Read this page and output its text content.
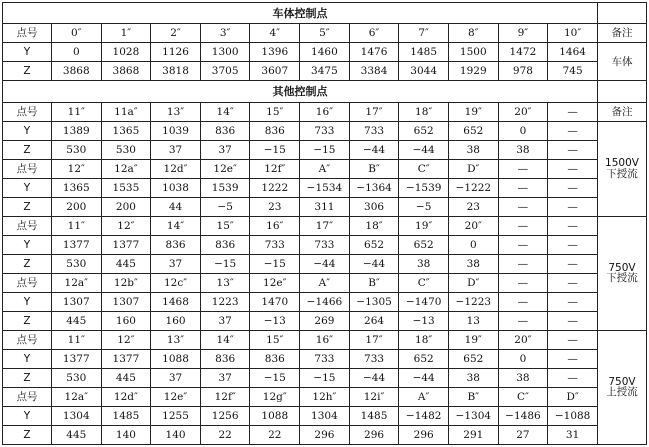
车体控制点												
点号	0″	1″	2″	3″	4″	5″	6″	7″	8″	9″	10″	备注
Y	0	1028	1126	1300	1396	1460	1476	1485	1500	1472	1464	车体
Z	3868	3868	3818	3705	3607	3475	3384	3044	1929	978	745	
其他控制点												
点号	11″	11a″	13″	14″	15″	16″	17″	18″	19″	20″	—	备注
Y	1389	1365	1039	836	836	733	733	652	652	0	—	1500V
下授流

Z	530	530	37	37	−15	−15	−44	−44	38	38	—	
点号	12″	12a″	12d″	12e″	12f″	A″	B″	C″	D″	—	—	
Y	1365	1535	1038	1539	1222	−1534	−1364	−1539	−1222	—	—	
Z	200	200	44	−5	23	311	306	−5	23	—	—	
点号	11″	12″	14″	15″	16″	17″	18″	19″	20″	—	—	750V
下授流

Y	1377	1377	836	836	733	733	652	652	0	—	—	
Z	530	445	37	−15	−15	−44	−44	38	38	—	—	
点号	12a″	12b″	12c″	13″	12e″	A″	B″	C″	D″	—	—	
Y	1307	1307	1468	1223	1470	−1466	−1305	−1470	−1223	—	—	
Z	445	160	160	37	−13	269	264	−13	13	—	—	
点号	11″	12″	13″	14″	15″	16″	17″	18″	19″	20″	—	750V
上授流

Y	1377	1377	1088	836	836	733	733	652	652	0	—	
Z	530	445	37	37	−15	−15	−44	−44	38	38	—	
点号	12a″	12d″	12e″	12f″	12g″	12h″	12i″	A″	B″	C″	D″	
Y	1304	1485	1255	1256	1088	1304	1485	−1482	−1304	−1486	−1088	
Z	445	140	140	22	22	296	296	296	291	27	31	
